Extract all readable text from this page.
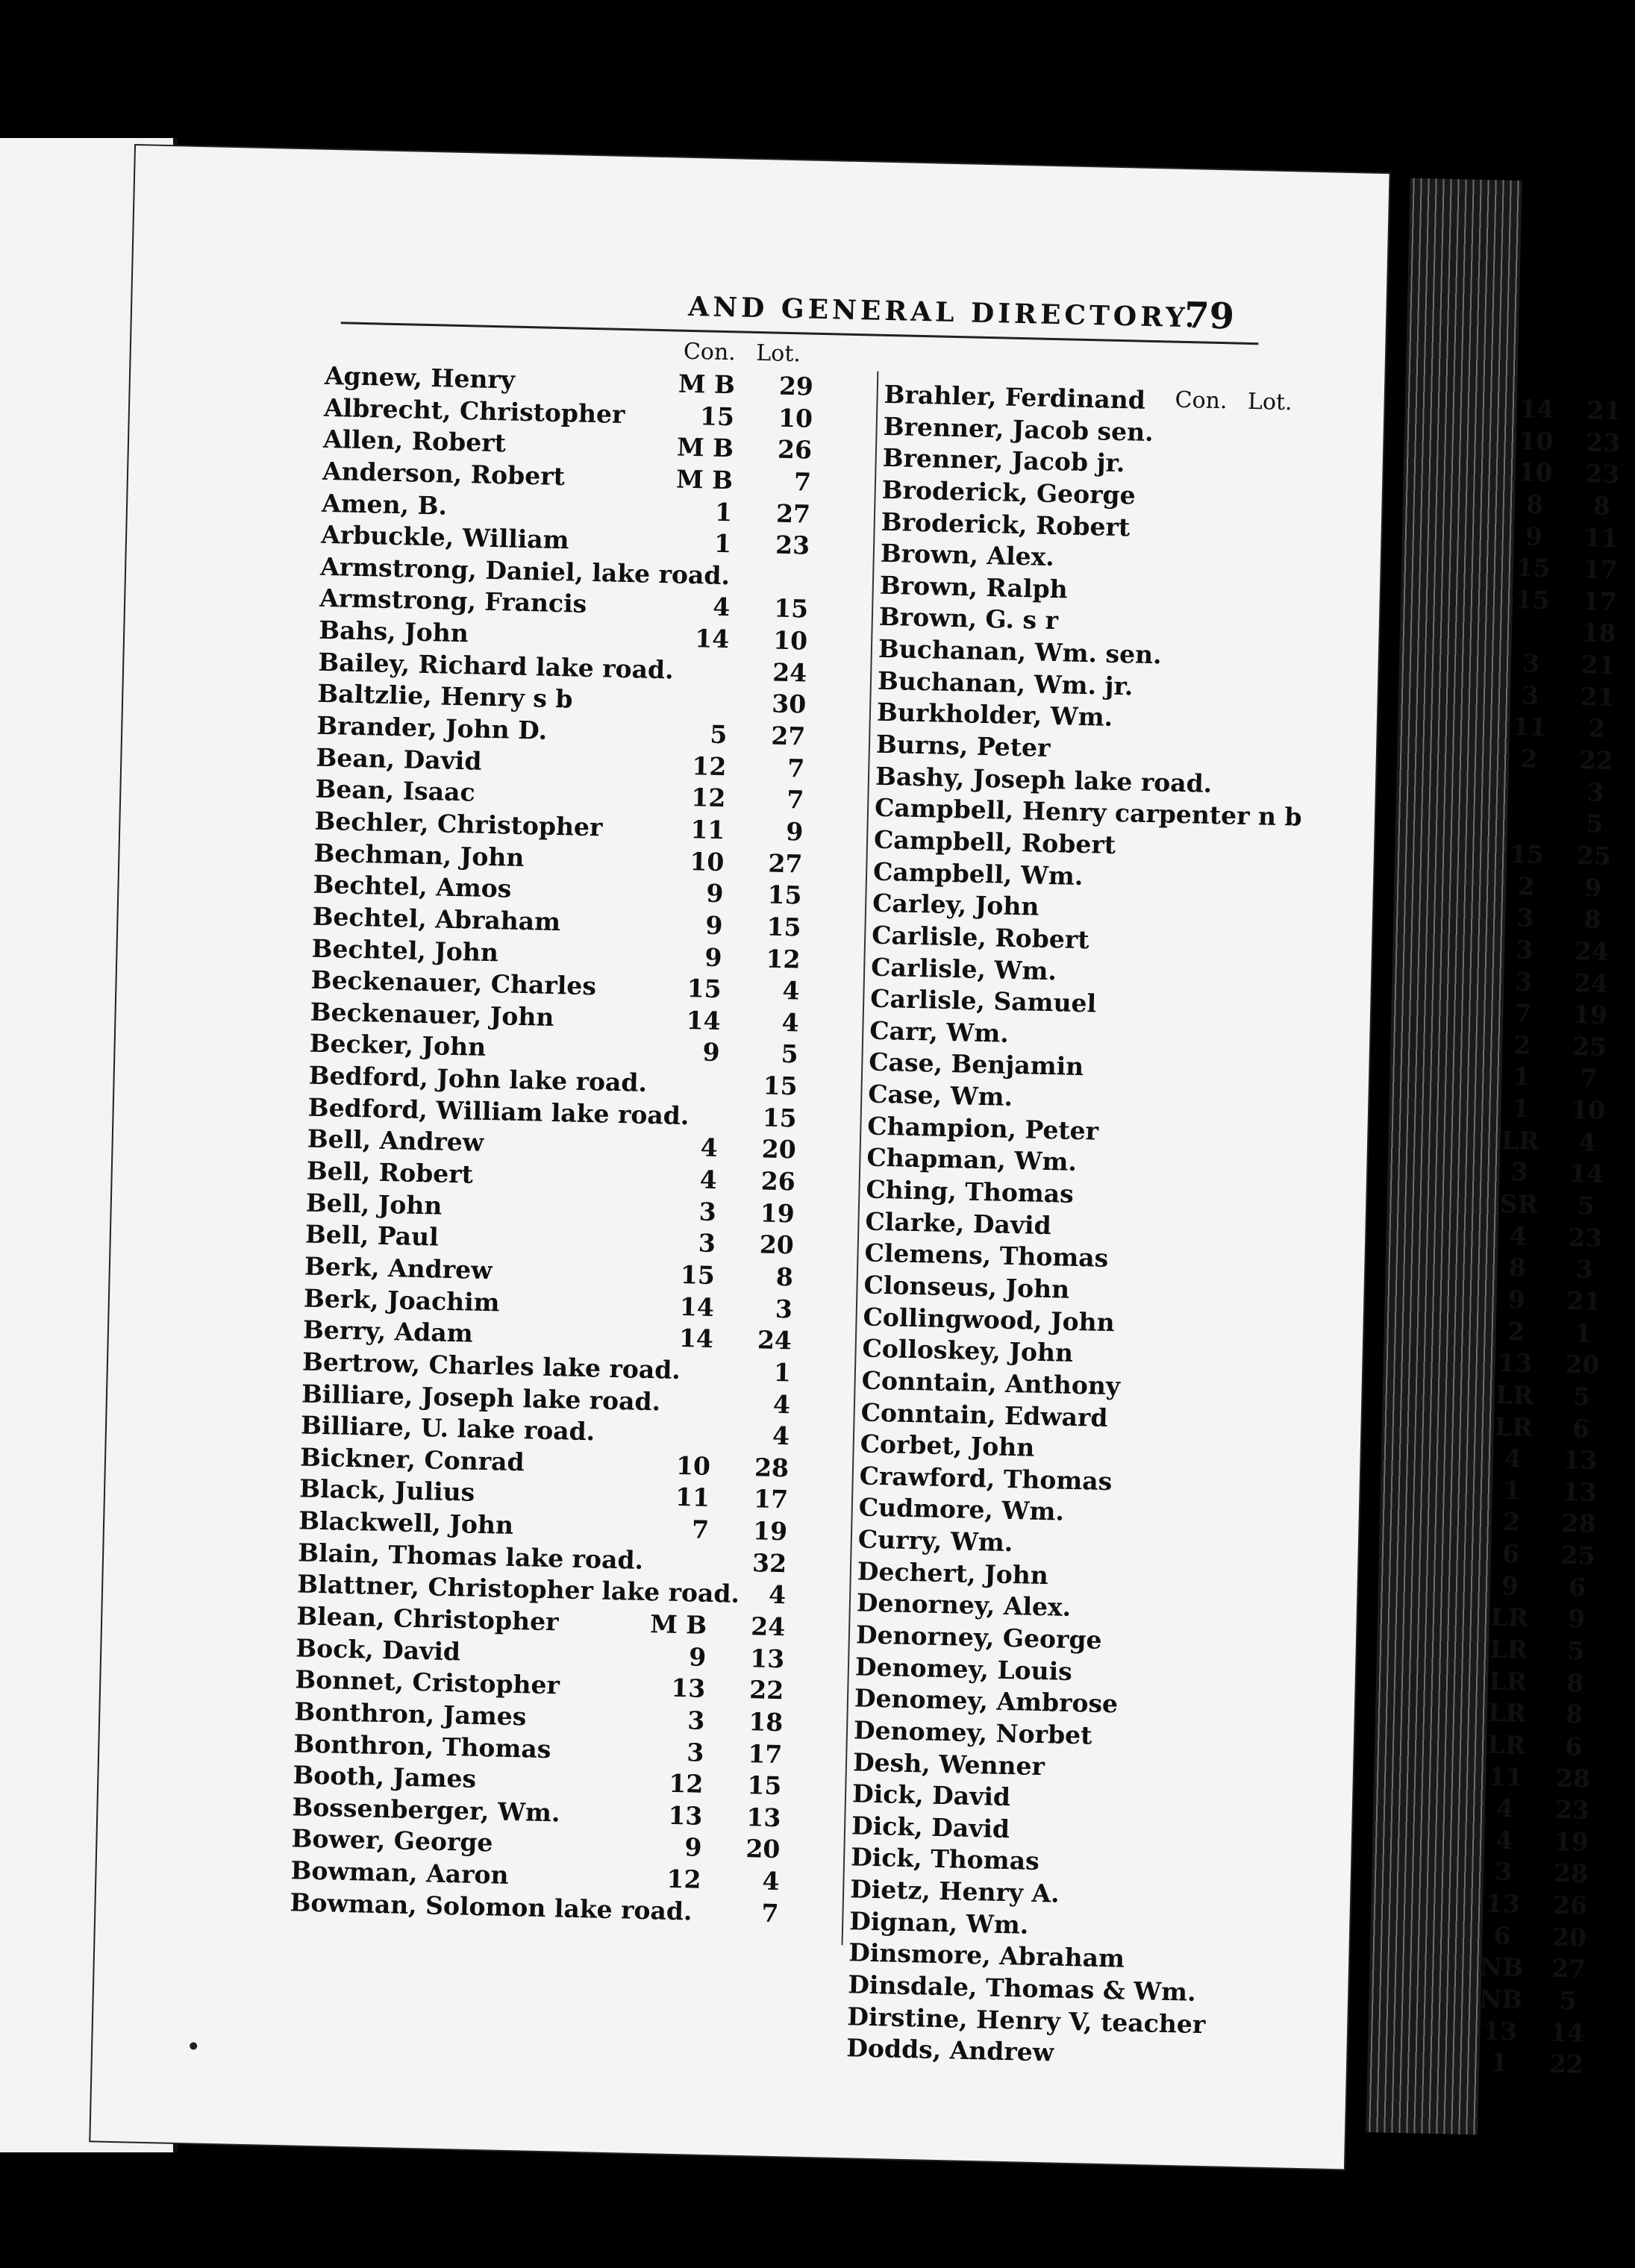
AND GENERAL DIRECTORY.
79
Con. Lot.
Con. Lot.
Agnew, Henry	M B	29
Albrecht, Christopher	15	10
Allen, Robert	M B	26
Anderson, Robert	M B	7
Amen, B.	1	27
Arbuckle, William	1	23
Armstrong, Daniel, lake road.
Armstrong, Francis	4	15
Bahs, John	14	10
Bailey, Richard lake road.	24
Baltzlie, Henry s b	30
Brander, John D.	5	27
Bean, David	12	7
Bean, Isaac	12	7
Bechler, Christopher	11	9
Bechman, John	10	27
Bechtel, Amos	9	15
Bechtel, Abraham	9	15
Bechtel, John	9	12
Beckenauer, Charles	15	4
Beckenauer, John	14	4
Becker, John	9	5
Bedford, John lake road.	15
Bedford, William lake road.	15
Bell, Andrew	4	20
Bell, Robert	4	26
Bell, John	3	19
Bell, Paul	3	20
Berk, Andrew	15	8
Berk, Joachim	14	3
Berry, Adam	14	24
Bertrow, Charles lake road.	1
Billiare, Joseph lake road.	4
Billiare, U. lake road.	4
Bickner, Conrad	10	28
Black, Julius	11	17
Blackwell, John	7	19
Blain, Thomas lake road.	32
Blattner, Christopher lake road.	4
Blean, Christopher	M B	24
Bock, David	9	13
Bonnet, Cristopher	13	22
Bonthron, James	3	18
Bonthron, Thomas	3	17
Booth, James	12	15
Bossenberger, Wm.	13	13
Bower, George	9	20
Bowman, Aaron	12	4
Bowman, Solomon lake road.	7
Brahler, Ferdinand	14	21
Brenner, Jacob sen.	10	23
Brenner, Jacob jr.	10	23
Broderick, George	8	8
Broderick, Robert	9	11
Brown, Alex.	15	17
Brown, Ralph	15	17
Brown, G. s r	18
Buchanan, Wm. sen.	3	21
Buchanan, Wm. jr.	3	21
Burkholder, Wm.	11	2
Burns, Peter	2	22
Bashy, Joseph lake road.	3
Campbell, Henry carpenter n b	5
Campbell, Robert	15	25
Campbell, Wm.	2	9
Carley, John	3	8
Carlisle, Robert	3	24
Carlisle, Wm.	3	24
Carlisle, Samuel	7	19
Carr, Wm.	2	25
Case, Benjamin	1	7
Case, Wm.	1	10
Champion, Peter	LR	4
Chapman, Wm.	3	14
Ching, Thomas	SR	5
Clarke, David	4	23
Clemens, Thomas	8	3
Clonseus, John	9	21
Collingwood, John	2	1
Colloskey, John	13	20
Conntain, Anthony	LR	5
Conntain, Edward	LR	6
Corbet, John	4	13
Crawford, Thomas	1	13
Cudmore, Wm.	2	28
Curry, Wm.	6	25
Dechert, John	9	6
Denorney, Alex.	LR	9
Denorney, George	LR	5
Denomey, Louis	LR	8
Denomey, Ambrose	LR	8
Denomey, Norbet	LR	6
Desh, Wenner	11	28
Dick, David	4	23
Dick, David	4	19
Dick, Thomas	3	28
Dietz, Henry A.	13	26
Dignan, Wm.	6	20
Dinsmore, Abraham	NB	27
Dinsdale, Thomas & Wm.	NB	5
Dirstine, Henry V, teacher	13	14
Dodds, Andrew	1	22
